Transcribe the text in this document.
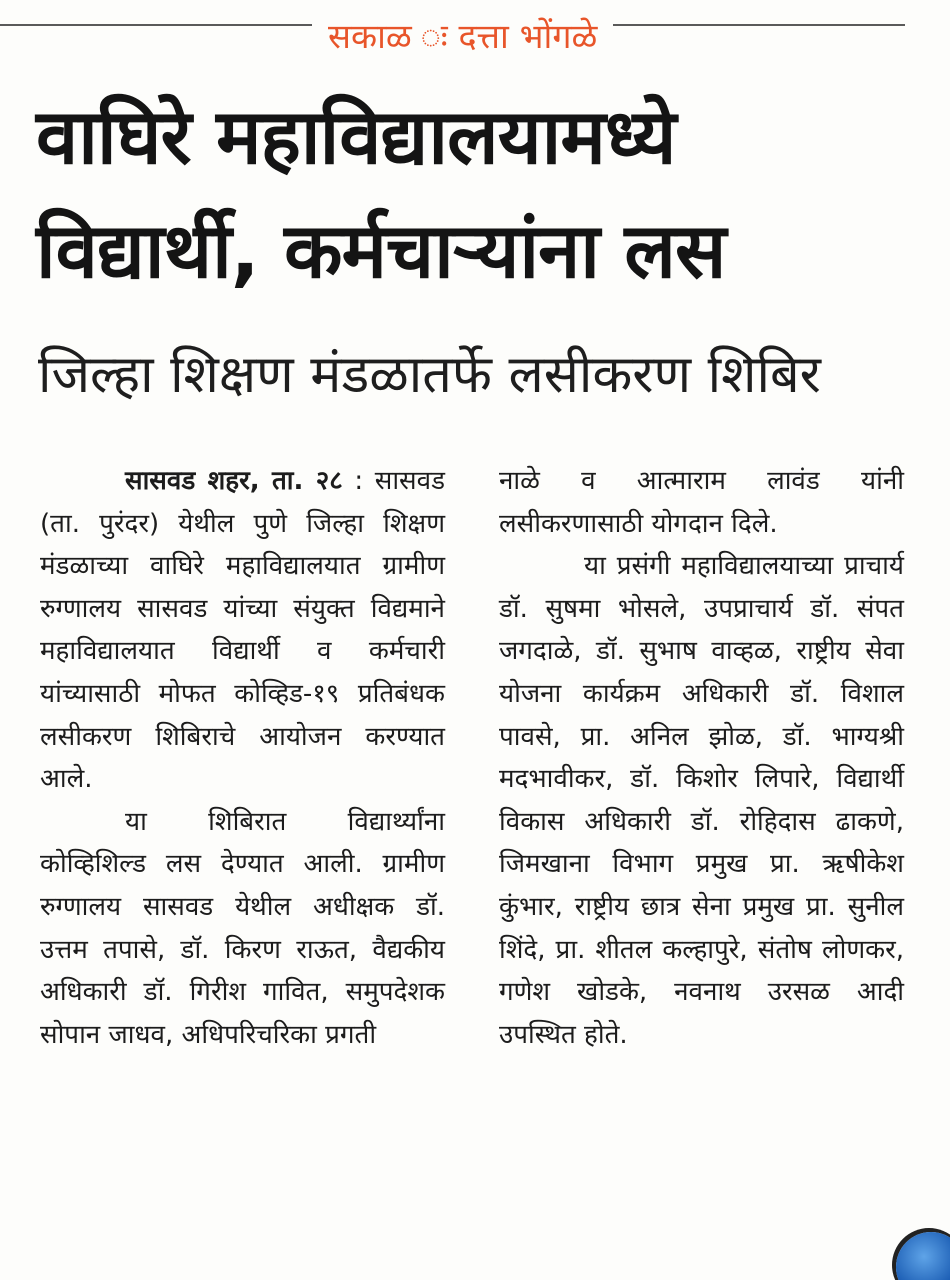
सकाळ ः दत्ता भोंगळे
वाघिरे महाविद्यालयामध्ये
विद्यार्थी, कर्मचाऱ्यांना लस
जिल्हा शिक्षण मंडळातर्फे लसीकरण शिबिर

सासवड शहर, ता. २८ : सासवड (ता. पुरंदर) येथील पुणे जिल्हा शिक्षण मंडळाच्या वाघिरे महाविद्यालयात ग्रामीण रुग्णालय सासवड यांच्या संयुक्त विद्यमाने महाविद्यालयात विद्यार्थी व कर्मचारी यांच्यासाठी मोफत कोव्हिड-१९ प्रतिबंधक लसीकरण शिबिराचे आयोजन करण्यात आले.

या शिबिरात विद्यार्थ्यांना कोव्हिशिल्ड लस देण्यात आली. ग्रामीण रुग्णालय सासवड येथील अधीक्षक डॉ. उत्तम तपासे, डॉ. किरण राऊत, वैद्यकीय अधिकारी डॉ. गिरीश गावित, समुपदेशक सोपान जाधव, अधिपरिचरिका प्रगती

नाळे व आत्माराम लावंड यांनी लसीकरणासाठी योगदान दिले.

या प्रसंगी महाविद्यालयाच्या प्राचार्य डॉ. सुषमा भोसले, उपप्राचार्य डॉ. संपत जगदाळे, डॉ. सुभाष वाव्हळ, राष्ट्रीय सेवा योजना कार्यक्रम अधिकारी डॉ. विशाल पावसे, प्रा. अनिल झोळ, डॉ. भाग्यश्री मदभावीकर, डॉ. किशोर लिपारे, विद्यार्थी विकास अधिकारी डॉ. रोहिदास ढाकणे, जिमखाना विभाग प्रमुख प्रा. ऋषीकेश कुंभार, राष्ट्रीय छात्र सेना प्रमुख प्रा. सुनील शिंदे, प्रा. शीतल कल्हापुरे, संतोष लोणकर, गणेश खोडके, नवनाथ उरसळ आदी उपस्थित होते.
